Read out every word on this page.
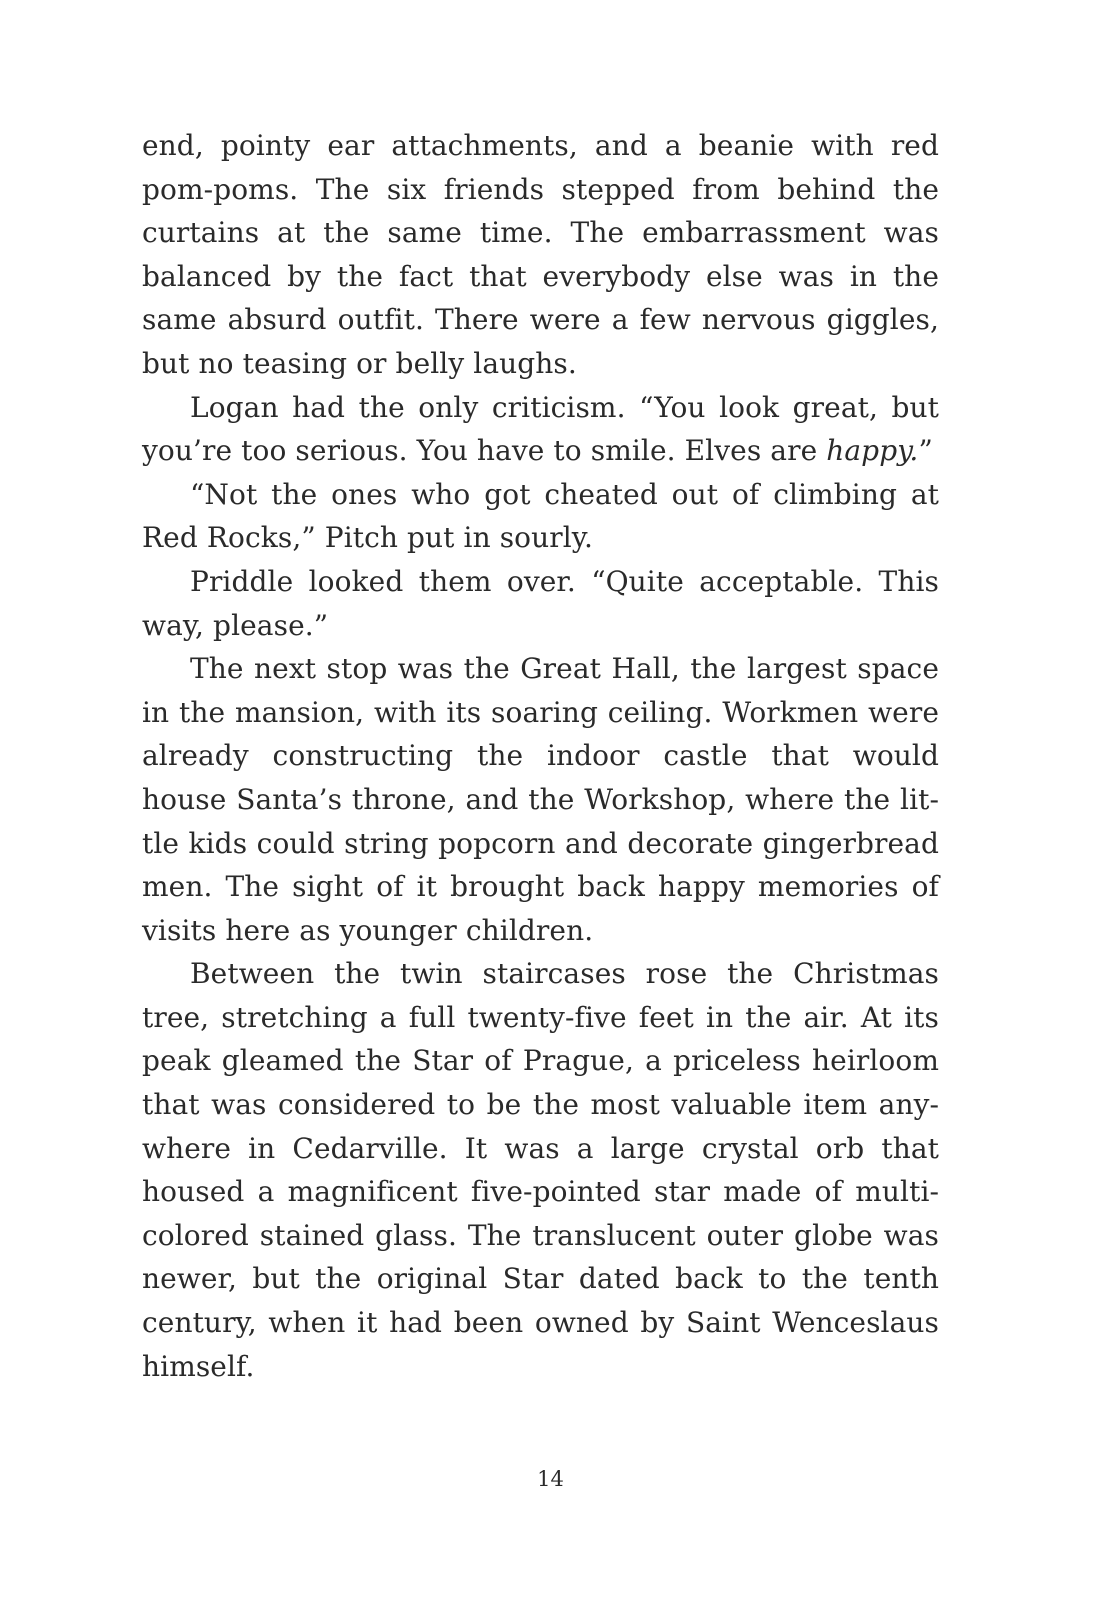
end, pointy ear attachments, and a beanie with red pom-poms. The six friends stepped from behind the curtains at the same time. The embarrassment was balanced by the fact that everybody else was in the same absurd outfit. There were a few nervous giggles, but no teasing or belly laughs.

Logan had the only criticism. “You look great, but you’re too serious. You have to smile. Elves are happy.”

“Not the ones who got cheated out of climbing at Red Rocks,” Pitch put in sourly.

Priddle looked them over. “Quite acceptable. This way, please.”

The next stop was the Great Hall, the largest space in the mansion, with its soaring ceiling. Workmen were already constructing the indoor castle that would house Santa’s throne, and the Workshop, where the little kids could string popcorn and decorate gingerbread men. The sight of it brought back happy memories of visits here as younger children.

Between the twin staircases rose the Christmas tree, stretching a full twenty-five feet in the air. At its peak gleamed the Star of Prague, a priceless heirloom that was considered to be the most valuable item anywhere in Cedarville. It was a large crystal orb that housed a magnificent five-pointed star made of multicolored stained glass. The translucent outer globe was newer, but the original Star dated back to the tenth century, when it had been owned by Saint Wenceslaus himself.

14
